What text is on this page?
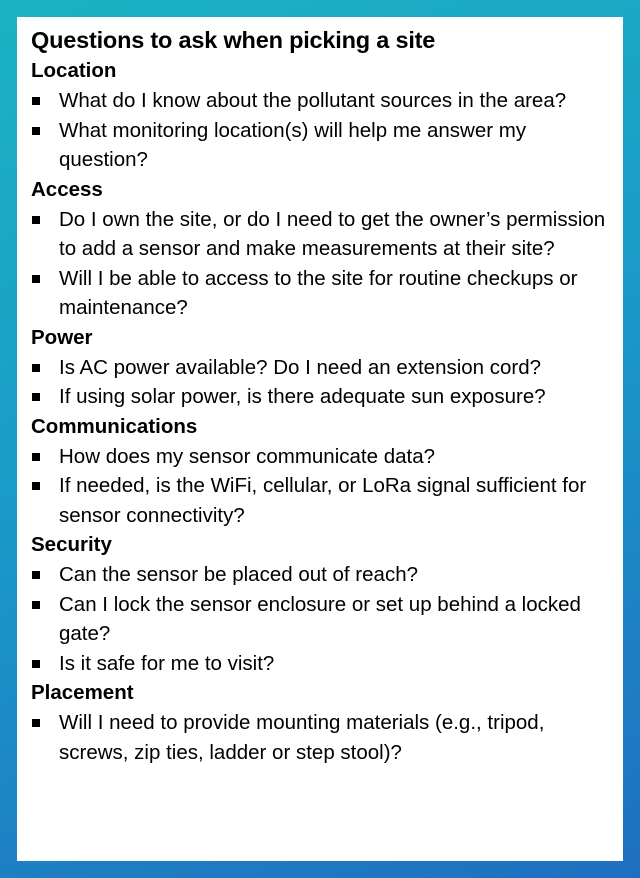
Questions to ask when picking a site
Location
What do I know about the pollutant sources in the area?
What monitoring location(s) will help me answer my question?
Access
Do I own the site, or do I need to get the owner’s permission to add a sensor and make measurements at their site?
Will I be able to access to the site for routine checkups or maintenance?
Power
Is AC power available? Do I need an extension cord?
If using solar power, is there adequate sun exposure?
Communications
How does my sensor communicate data?
If needed, is the WiFi, cellular, or LoRa signal sufficient for sensor connectivity?
Security
Can the sensor be placed out of reach?
Can I lock the sensor enclosure or set up behind a locked gate?
Is it safe for me to visit?
Placement
Will I need to provide mounting materials (e.g., tripod, screws, zip ties, ladder or step stool)?
